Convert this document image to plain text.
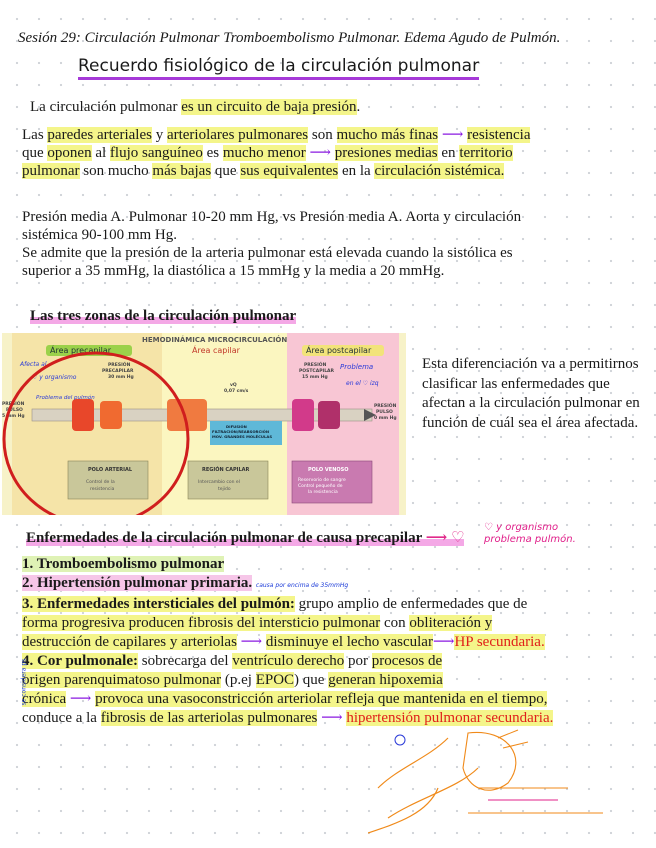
Sesión 29: Circulación Pulmonar Tromboembolismo Pulmonar. Edema Agudo de Pulmón.
Recuerdo fisiológico de la circulación pulmonar
La circulación pulmonar es un circuito de baja presión.
Las paredes arteriales y arteriolares pulmonares son mucho más finas ⟶ resistencia
que oponen al flujo sanguíneo es mucho menor ⟶ presiones medias en territorio
pulmonar son mucho más bajas que sus equivalentes en la circulación sistémica.
Presión media A. Pulmonar 10-20 mm Hg, vs Presión media A. Aorta y circulación
sistémica 90-100 mm Hg.
Se admite que la presión de la arteria pulmonar está elevada cuando la sistólica es
superior a 35 mmHg, la diastólica a 15 mmHg y la media a 20 mmHg.
Las tres zonas de la circulación pulmonar
HEMODINÁMICA MICROCIRCULACIÓN
Área precapilar	Área capilar	Área postcapilar
PRESIÓN PRECAPILAR 30 mm Hg
PRESIÓN POSTCAPILAR 15 mm Hg
vQ 0,07 cm/s
PRESIÓN PULSO 5 mm Hg
PRESIÓN PULSO 0 mm Hg
DIFUSIÓN FILTRACIÓN/REABSORCIÓN MOV. GRANDES MOLÉCULAS
POLO ARTERIAL
Control de la resistencia
REGIÓN CAPILAR
Intercambio con el tejido
POLO VENOSO
Reservorio de sangre Control pequeño de la resistencia
Afecta al
♡ y organismo
Problema del pulmón
Problema
en el ♡ izq
Esta diferenciación va a permitirnos clasificar las enfermedades que afectan a la circulación pulmonar en función de cuál sea el área afectada.
Enfermedades de la circulación pulmonar de causa precapilar ⟶ ♡
♡ y organismo
problema pulmón.
1. Tromboembolismo pulmonar
2. Hipertensión pulmonar primaria. causa por encima de 35mmHg
3. Enfermedades intersticiales del pulmón: grupo amplio de enfermedades que de
forma progresiva producen fibrosis del intersticio pulmonar con obliteración y
destrucción de capilares y arteriolas ⟶ disminuye el lecho vascular⟶HP secundaria.
4. Cor pulmonale: sobrecarga del ventrículo derecho por procesos de
origen parenquimatoso pulmonar (p.ej EPOC) que generan hipoxemia
crónica ⟶ provoca una vasoconstricción arteriolar refleja que mantenida en el tiempo,
conduce a la fibrosis de las arteriolas pulmonares ⟶ hipertensión pulmonar secundaria.
se considera ps
